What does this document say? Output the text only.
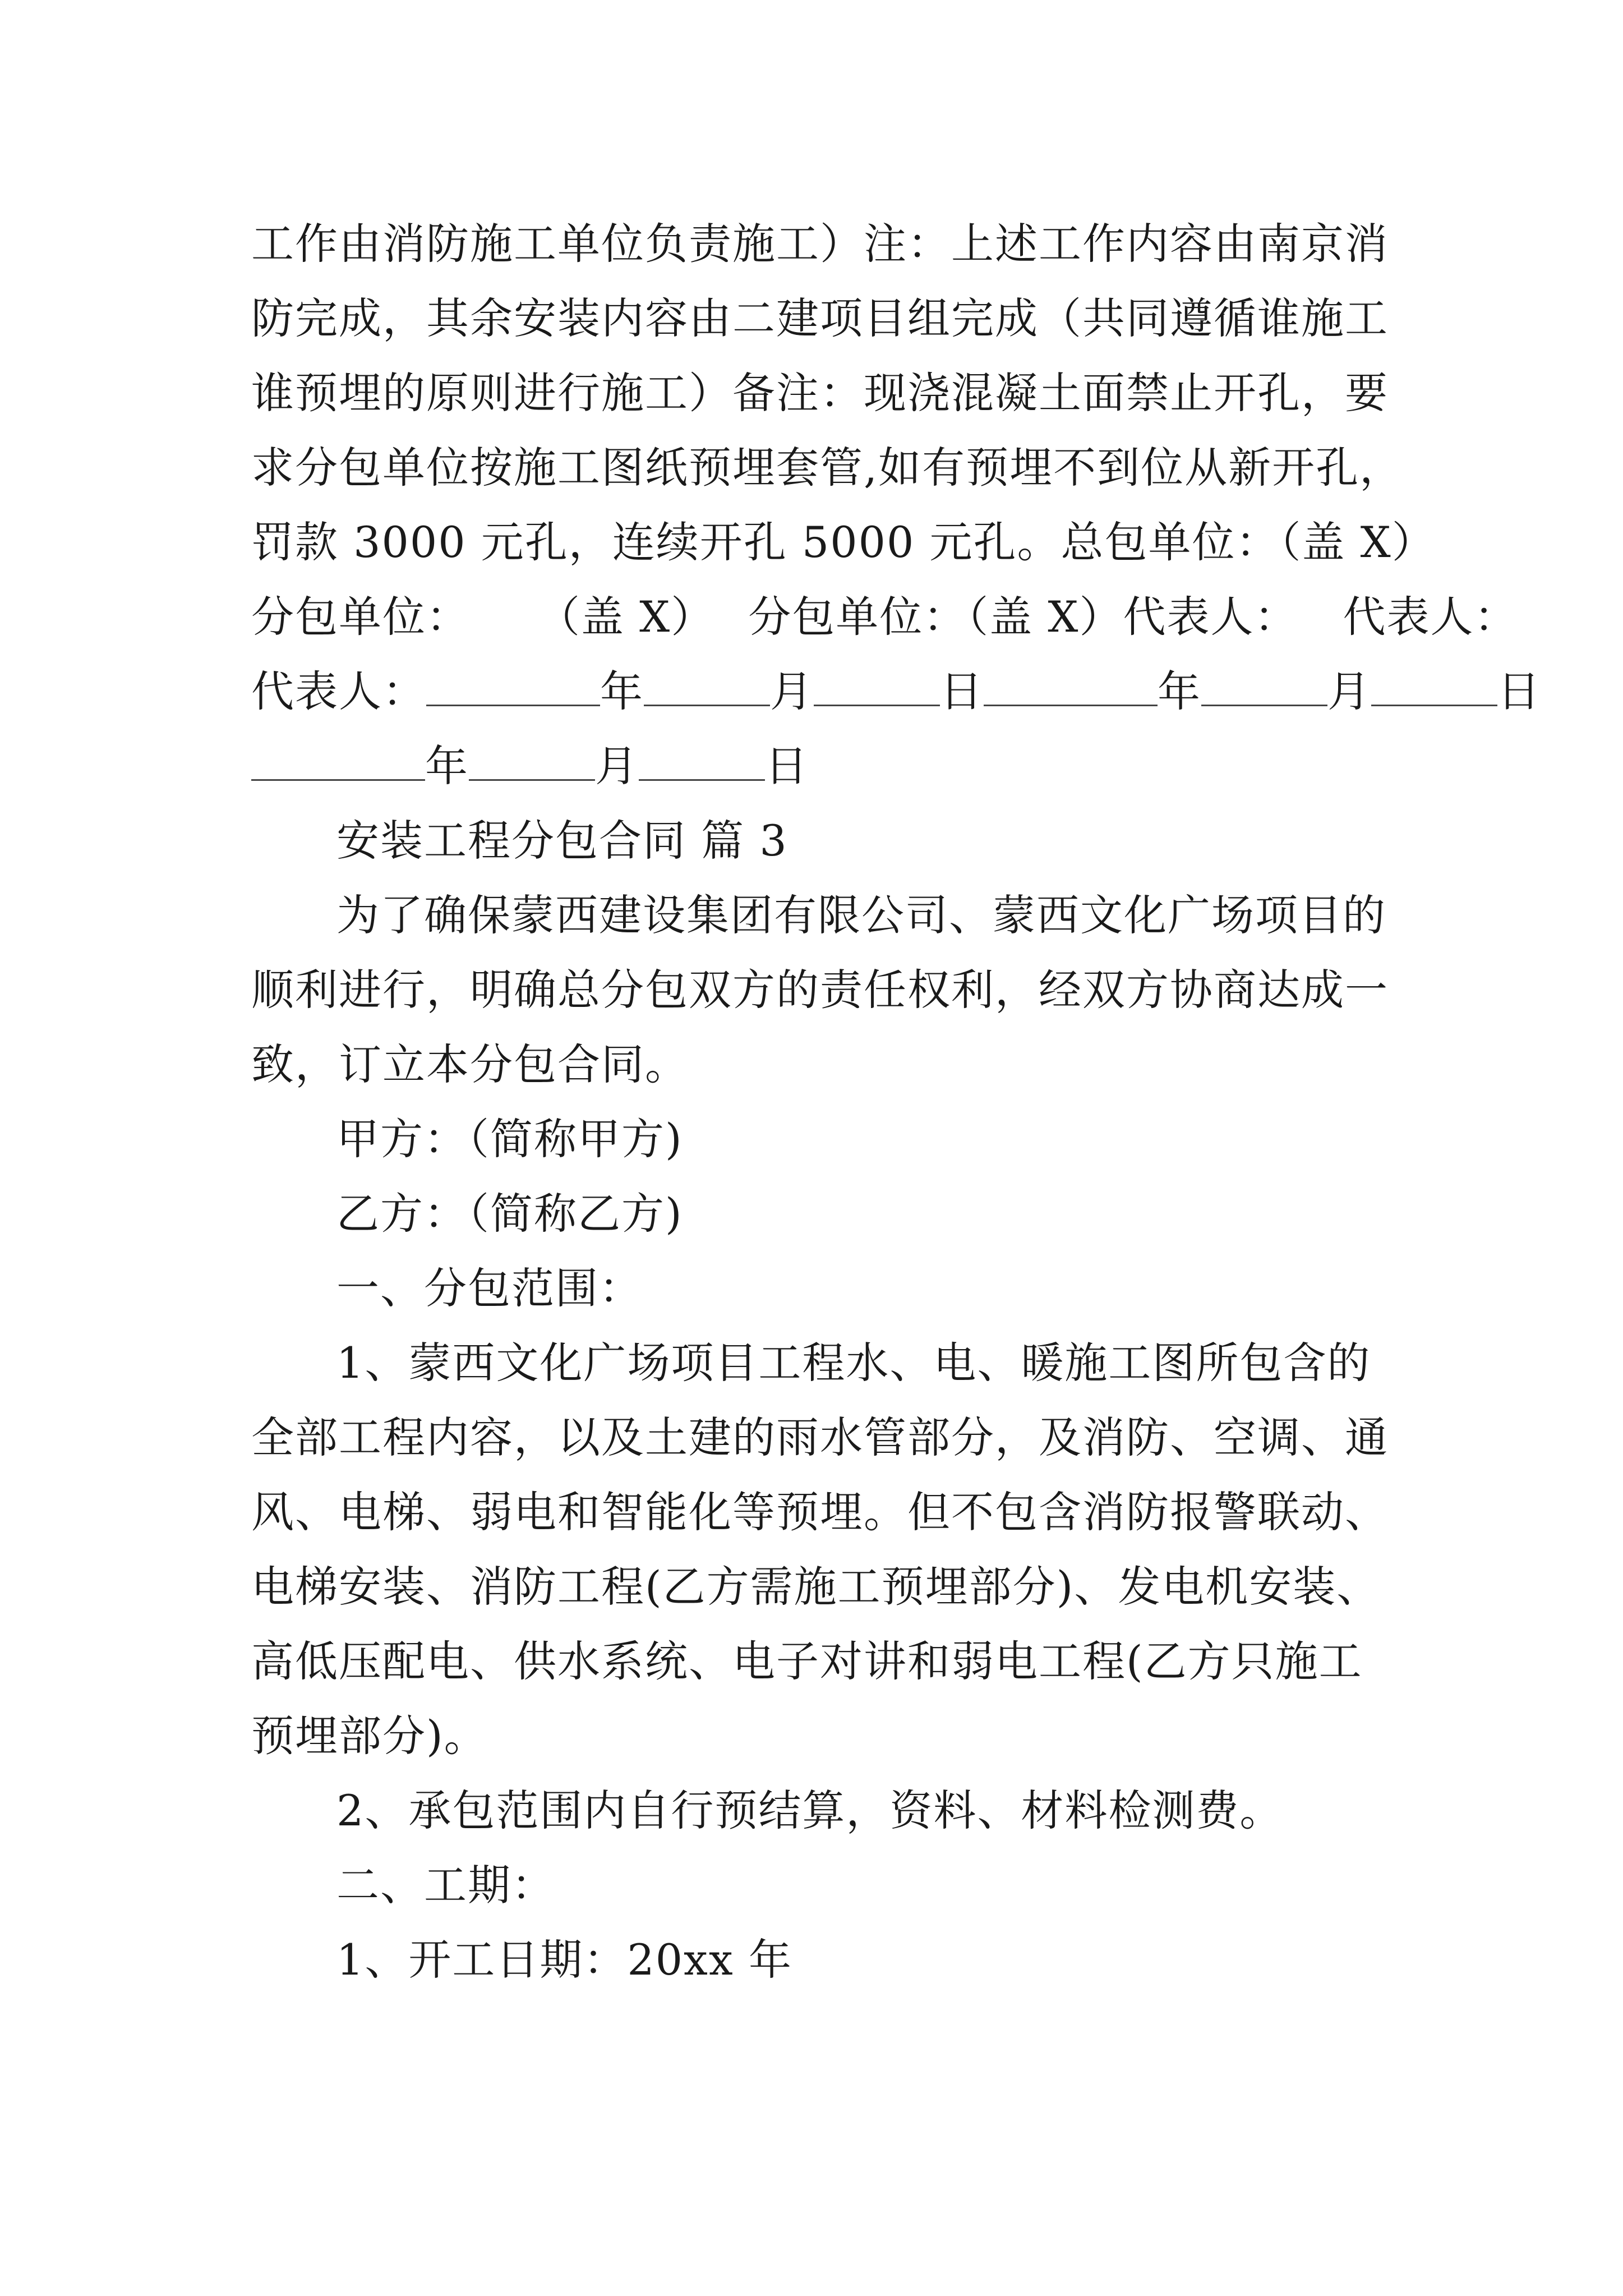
工作由消防施工单位负责施工）注：上述工作内容由南京消
防完成，其余安装内容由二建项目组完成（共同遵循谁施工
谁预埋的原则进行施工）备注：现浇混凝土面禁止开孔，要
求分包单位按施工图纸预埋套管,如有预埋不到位从新开孔，
罚款 3000 元孔，连续开孔 5000 元孔。总包单位：（盖 X）
分包单位： （盖 X） 分包单位：（盖 X）代表人： 代表人：
代表人：	年	月	日	年	月	日
年	月	日
安装工程分包合同 篇 3
为了确保蒙西建设集团有限公司、蒙西文化广场项目的
顺利进行，明确总分包双方的责任权利，经双方协商达成一
致，订立本分包合同。
甲方：（简称甲方)
乙方：（简称乙方)
一、分包范围：
1、蒙西文化广场项目工程水、电、暖施工图所包含的
全部工程内容，以及土建的雨水管部分，及消防、空调、通
风、电梯、弱电和智能化等预埋。但不包含消防报警联动、
电梯安装、消防工程(乙方需施工预埋部分)、发电机安装、
高低压配电、供水系统、电子对讲和弱电工程(乙方只施工
预埋部分)。
2、承包范围内自行预结算，资料、材料检测费。
二、工期：
1、开工日期：20xx 年
